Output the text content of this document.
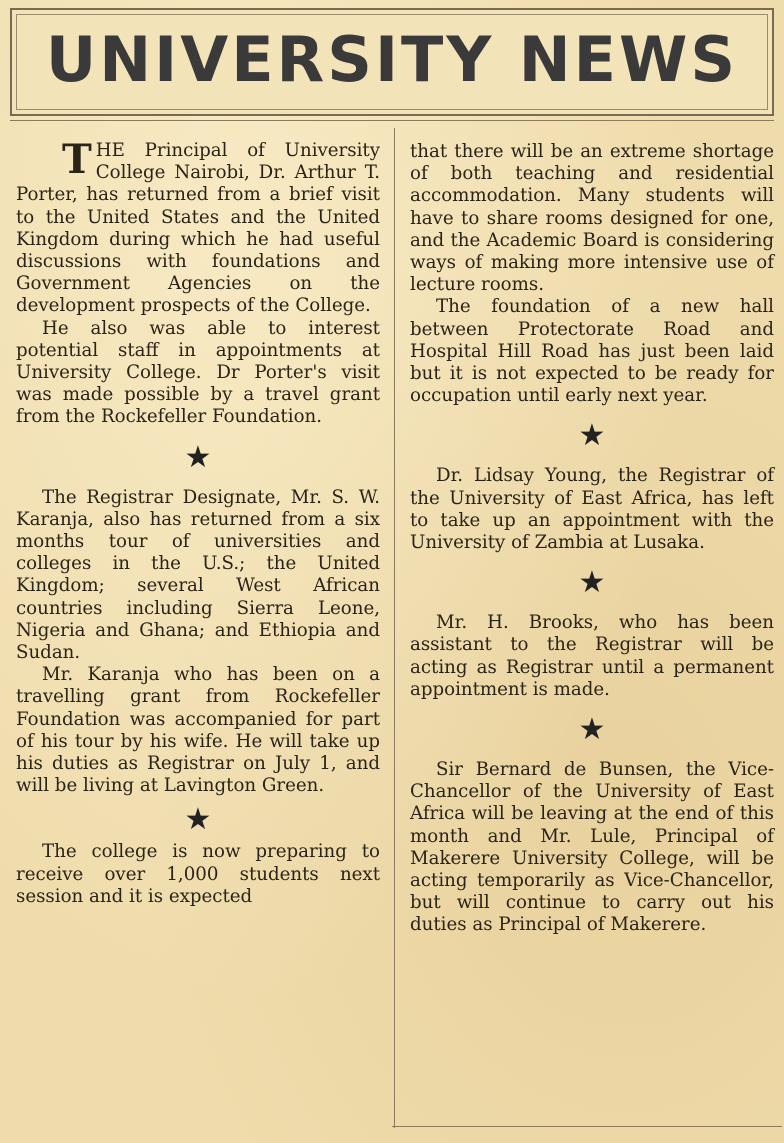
UNIVERSITY NEWS

THE Principal of University College Nairobi, Dr. Arthur T. Porter, has returned from a brief visit to the United States and the United Kingdom during which he had useful discussions with foundations and Government Agencies on the development prospects of the College.

He also was able to interest potential staff in appointments at University College. Dr Porter's visit was made possible by a travel grant from the Rockefeller Foundation.

★

The Registrar Designate, Mr. S. W. Karanja, also has returned from a six months tour of universities and colleges in the U.S.; the United Kingdom; several West African countries including Sierra Leone, Nigeria and Ghana; and Ethiopia and Sudan.

Mr. Karanja who has been on a travelling grant from Rockefeller Foundation was accompanied for part of his tour by his wife. He will take up his duties as Registrar on July 1, and will be living at Lavington Green.

★

The college is now preparing to receive over 1,000 students next session and it is expected

that there will be an extreme shortage of both teaching and residential accommodation. Many students will have to share rooms designed for one, and the Academic Board is considering ways of making more intensive use of lecture rooms.

The foundation of a new hall between Protectorate Road and Hospital Hill Road has just been laid but it is not expected to be ready for occupation until early next year.

★

Dr. Lidsay Young, the Registrar of the University of East Africa, has left to take up an appointment with the University of Zambia at Lusaka.

★

Mr. H. Brooks, who has been assistant to the Registrar will be acting as Registrar until a permanent appointment is made.

★

Sir Bernard de Bunsen, the Vice-Chancellor of the University of East Africa will be leaving at the end of this month and Mr. Lule, Principal of Makerere University College, will be acting temporarily as Vice-Chancellor, but will continue to carry out his duties as Principal of Makerere.
